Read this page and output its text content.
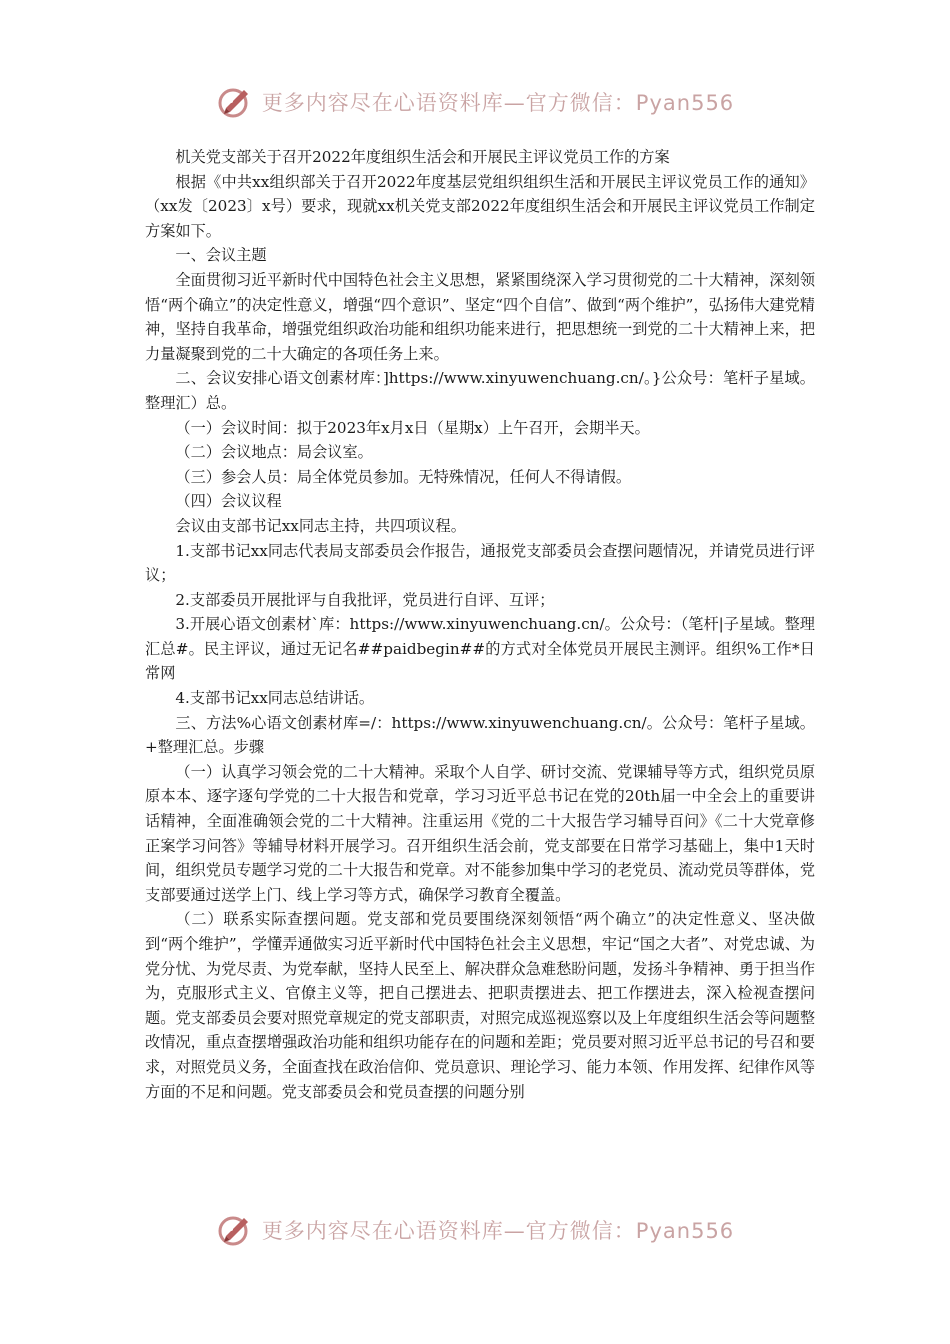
更多内容尽在心语资料库—官方微信：Pyan556

机关党支部关于召开2022年度组织生活会和开展民主评议党员工作的方案

根据《中共xx组织部关于召开2022年度基层党组织组织生活和开展民主评议党员工作的通知》（xx发〔2023〕x号）要求，现就xx机关党支部2022年度组织生活会和开展民主评议党员工作制定方案如下。

一、会议主题

全面贯彻习近平新时代中国特色社会主义思想，紧紧围绕深入学习贯彻党的二十大精神，深刻领悟“两个确立”的决定性意义，增强“四个意识”、坚定“四个自信”、做到“两个维护”，弘扬伟大建党精神，坚持自我革命，增强党组织政治功能和组织功能来进行，把思想统一到党的二十大精神上来，把力量凝聚到党的二十大确定的各项任务上来。

二、会议安排心语文创素材库：]https://www.xinyuwenchuang.cn/。}公众号：笔杆子星域。整理汇）总。

（一）会议时间：拟于2023年x月x日（星期x）上午召开，会期半天。

（二）会议地点：局会议室。

（三）参会人员：局全体党员参加。无特殊情况，任何人不得请假。

（四）会议议程

会议由支部书记xx同志主持，共四项议程。

1.支部书记xx同志代表局支部委员会作报告，通报党支部委员会查摆问题情况，并请党员进行评议；

2.支部委员开展批评与自我批评，党员进行自评、互评；

3.开展心语文创素材`库：https://www.xinyuwenchuang.cn/。公众号：（笔杆|子星域。整理汇总#。民主评议，通过无记名##paidbegin##的方式对全体党员开展民主测评。组织%工作*日常网

4.支部书记xx同志总结讲话。

三、方法%心语文创素材库=/：https://www.xinyuwenchuang.cn/。公众号：笔杆子星域。+整理汇总。步骤

（一）认真学习领会党的二十大精神。采取个人自学、研讨交流、党课辅导等方式，组织党员原原本本、逐字逐句学党的二十大报告和党章，学习习近平总书记在党的20th届一中全会上的重要讲话精神，全面准确领会党的二十大精神。注重运用《党的二十大报告学习辅导百问》《二十大党章修正案学习问答》等辅导材料开展学习。召开组织生活会前，党支部要在日常学习基础上，集中1天时间，组织党员专题学习党的二十大报告和党章。对不能参加集中学习的老党员、流动党员等群体，党支部要通过送学上门、线上学习等方式，确保学习教育全覆盖。

（二）联系实际查摆问题。党支部和党员要围绕深刻领悟“两个确立”的决定性意义、坚决做到“两个维护”，学懂弄通做实习近平新时代中国特色社会主义思想，牢记“国之大者”、对党忠诚、为党分忧、为党尽责、为党奉献，坚持人民至上、解决群众急难愁盼问题，发扬斗争精神、勇于担当作为，克服形式主义、官僚主义等，把自己摆进去、把职责摆进去、把工作摆进去，深入检视查摆问题。党支部委员会要对照党章规定的党支部职责，对照完成巡视巡察以及上年度组织生活会等问题整改情况，重点查摆增强政治功能和组织功能存在的问题和差距；党员要对照习近平总书记的号召和要求，对照党员义务，全面查找在政治信仰、党员意识、理论学习、能力本领、作用发挥、纪律作风等方面的不足和问题。党支部委员会和党员查摆的问题分别

更多内容尽在心语资料库—官方微信：Pyan556
